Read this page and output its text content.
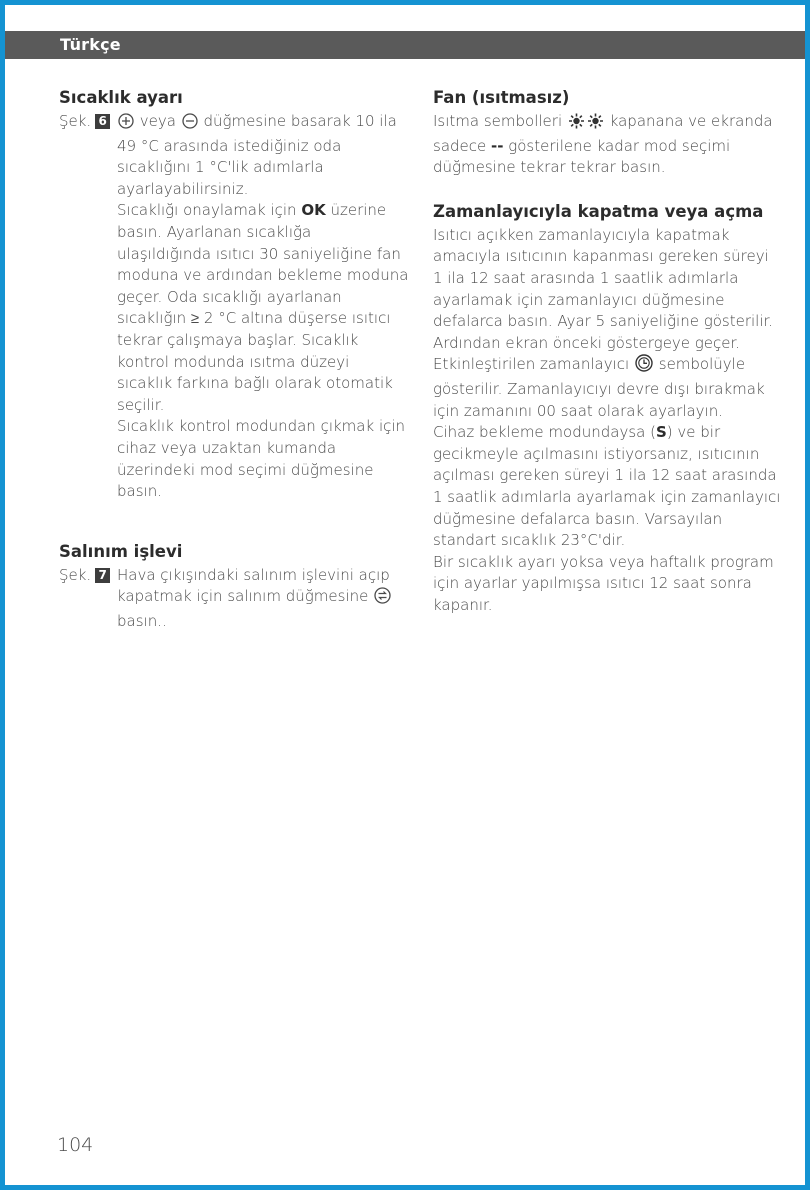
Türkçe
Sıcaklık ayarı
Şek. 6	veya düğmesine basarak 10 ila 49 °C arasında istediğiniz oda sıcaklığını 1 °C'lik adımlarla ayarlayabilirsiniz.

Sıcaklığı onaylamak için OK üzerine basın. Ayarlanan sıcaklığa ulaşıldığında ısıtıcı 30 saniyeliğine fan moduna ve ardından bekleme moduna geçer. Oda sıcaklığı ayarlanan sıcaklığın ≥ 2 °C altına düşerse ısıtıcı tekrar çalışmaya başlar. Sıcaklık kontrol modunda ısıtma düzeyi sıcaklık farkına bağlı olarak otomatik seçilir.

Sıcaklık kontrol modundan çıkmak için cihaz veya uzaktan kumanda üzerindeki mod seçimi düğmesine basın.

Salınım işlevi
Şek. 7 Hava çıkışındaki salınım işlevini açıp kapatmak için salınım düğmesine
basın..

Fan (ısıtmasız)

Isıtma sembolleri	kapanana ve ekranda sadece -- gösterilene kadar mod seçimi düğmesine tekrar tekrar basın.

Zamanlayıcıyla kapatma veya açma

Isıtıcı açıkken zamanlayıcıyla kapatmak amacıyla ısıtıcının kapanması gereken süreyi 1 ila 12 saat arasında 1 saatlik adımlarla ayarlamak için zamanlayıcı düğmesine defalarca basın. Ayar 5 saniyeliğine gösterilir. Ardından ekran önceki göstergeye geçer. Etkinleştirilen zamanlayıcı sembolüyle gösterilir. Zamanlayıcıyı devre dışı bırakmak için zamanını 00 saat olarak ayarlayın.

Cihaz bekleme modundaysa (S) ve bir gecikmeyle açılmasını istiyorsanız, ısıtıcının açılması gereken süreyi 1 ila 12 saat arasında 1 saatlik adımlarla ayarlamak için zamanlayıcı düğmesine defalarca basın. Varsayılan standart sıcaklık 23°C'dir.

Bir sıcaklık ayarı yoksa veya haftalık program için ayarlar yapılmışsa ısıtıcı 12 saat sonra kapanır.

104
